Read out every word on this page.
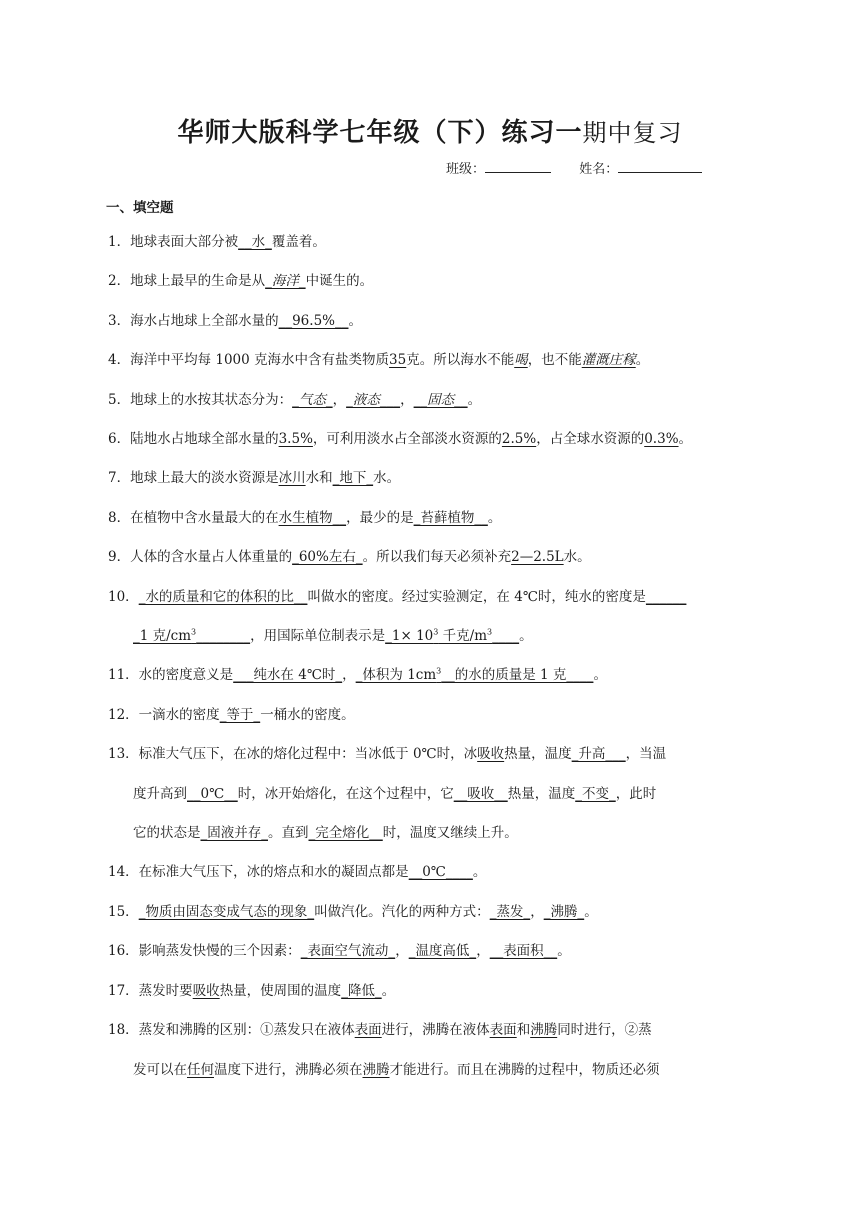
华师大版科学七年级（下）练习一期中复习
班级：	姓名：
一、填空题
1．地球表面大部分被__水_覆盖着。
2．地球上最早的生命是从_海洋_中诞生的。
3．海水占地球上全部水量的__96.5%__。
4．海洋中平均每 1000 克海水中含有盐类物质35克。所以海水不能喝，也不能灌溉庄稼。
5．地球上的水按其状态分为：_气态_，_液态___，__固态__。
6．陆地水占地球全部水量的3.5%，可利用淡水占全部淡水资源的2.5%，占全球水资源的0.3%。
7．地球上最大的淡水资源是冰川水和_地下_水。
8．在植物中含水量最大的在水生植物__，最少的是_苔藓植物__。
9．人体的含水量占人体重量的_60%左右_。所以我们每天必须补充2—2.5L水。
10．_水的质量和它的体积的比__叫做水的密度。经过实验测定，在 4℃时，纯水的密度是______
_1 克$/cm^3\_\_\_\_\_\_\_\_$，用国际单位制表示是_1× $10^3$ 千克$/m^3\_\_\_\_$。
11．水的密度意义是___纯水在 4℃时_，_体积为 $1cm^3\_\_$的水的质量是 1 克____。
12．一滴水的密度_等于_一桶水的密度。
13．标准大气压下，在冰的熔化过程中：当冰低于 0℃时，冰吸收热量，温度_升高___，当温
度升高到__0℃__时，冰开始熔化，在这个过程中，它__吸收__热量，温度_不变_，此时
它的状态是_固液并存_。直到_完全熔化__时，温度又继续上升。
14．在标准大气压下，冰的熔点和水的凝固点都是__0℃____。
15．_物质由固态变成气态的现象_叫做汽化。汽化的两种方式：_蒸发_，_沸腾_。
16．影响蒸发快慢的三个因素：_表面空气流动_，_温度高低_，__表面积__。
17．蒸发时要吸收热量，使周围的温度_降低_。
18．蒸发和沸腾的区别：①蒸发只在液体表面进行，沸腾在液体表面和沸腾同时进行，②蒸
发可以在任何温度下进行，沸腾必须在沸腾才能进行。而且在沸腾的过程中，物质还必须
